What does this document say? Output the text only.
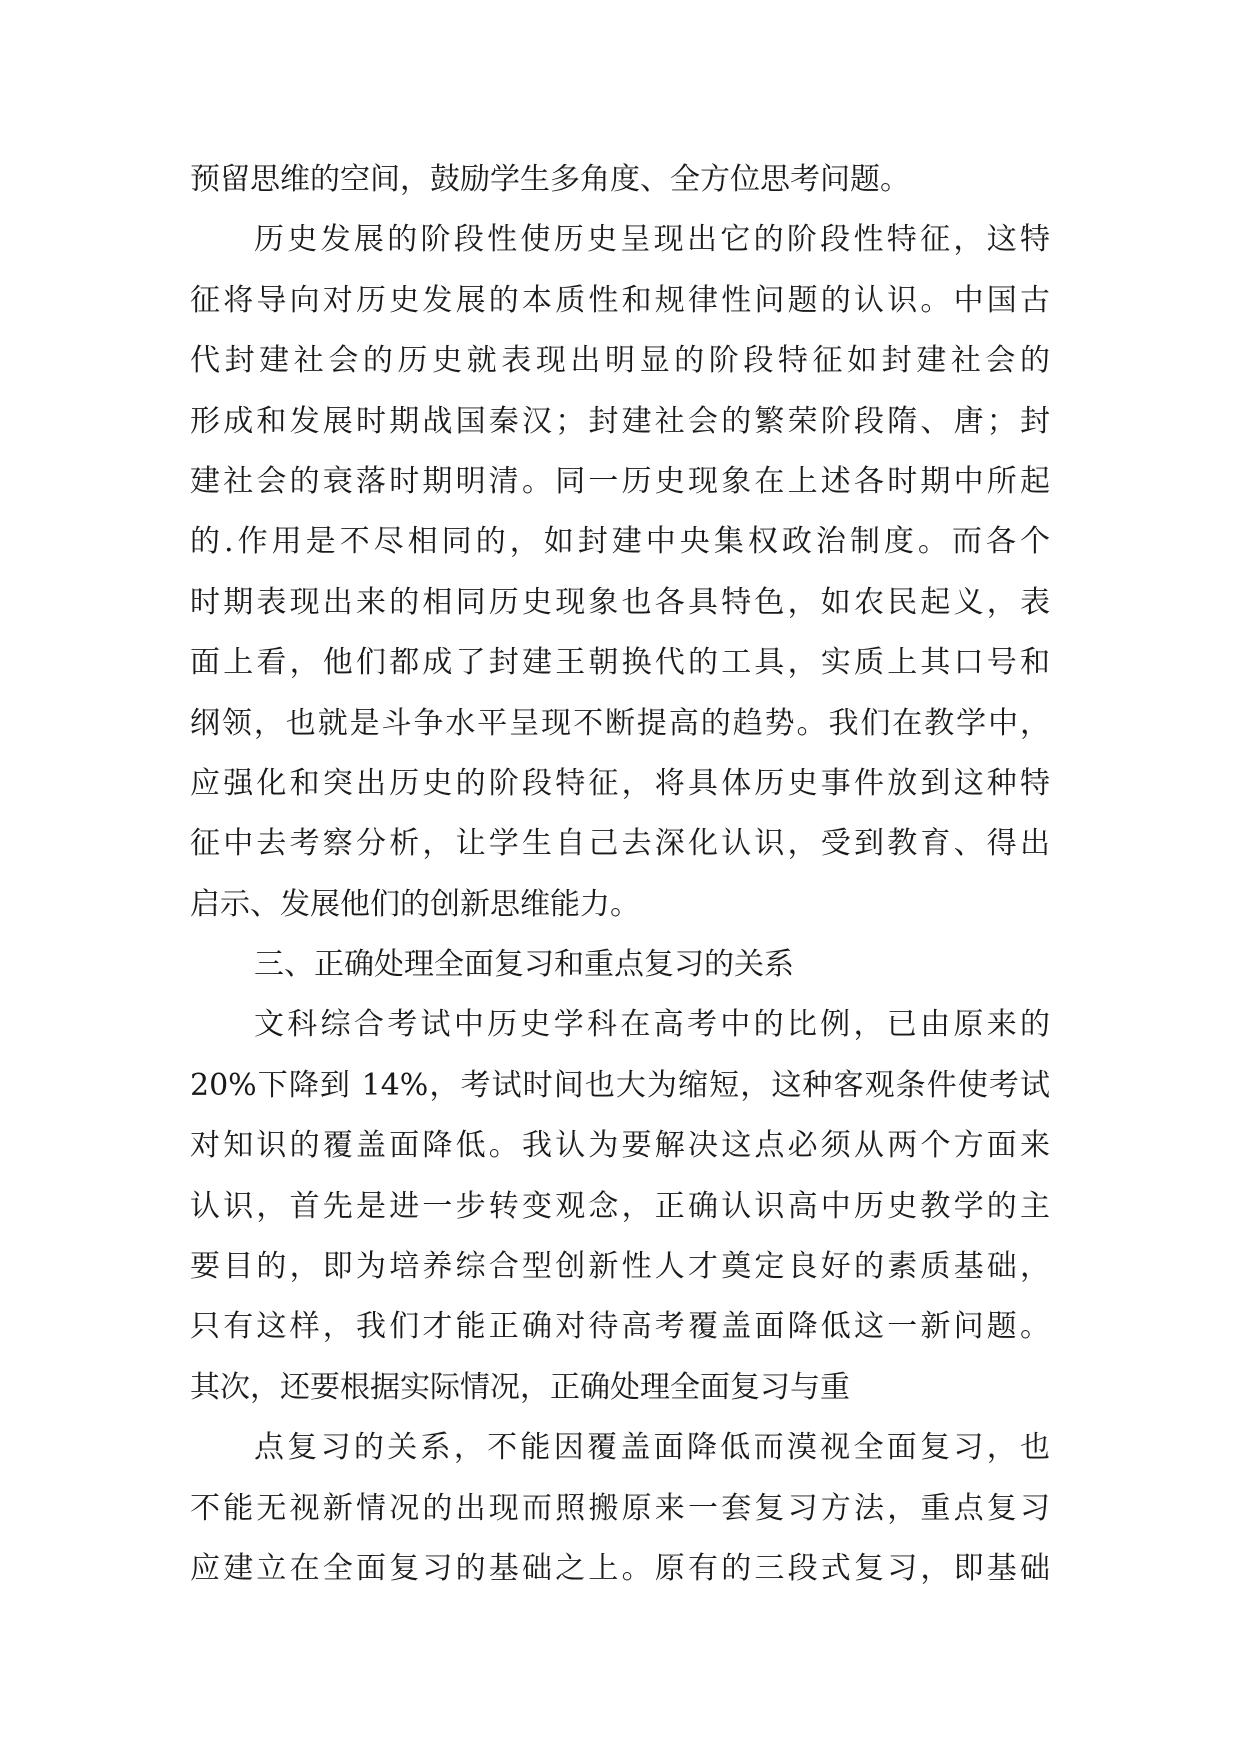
预留思维的空间，鼓励学生多角度、全方位思考问题。
历史发展的阶段性使历史呈现出它的阶段性特征，这特
征将导向对历史发展的本质性和规律性问题的认识。中国古
代封建社会的历史就表现出明显的阶段特征如封建社会的
形成和发展时期战国秦汉；封建社会的繁荣阶段隋、唐；封
建社会的衰落时期明清。同一历史现象在上述各时期中所起
的.作用是不尽相同的，如封建中央集权政治制度。而各个
时期表现出来的相同历史现象也各具特色，如农民起义，表
面上看，他们都成了封建王朝换代的工具，实质上其口号和
纲领，也就是斗争水平呈现不断提高的趋势。我们在教学中，
应强化和突出历史的阶段特征，将具体历史事件放到这种特
征中去考察分析，让学生自己去深化认识，受到教育、得出
启示、发展他们的创新思维能力。
三、正确处理全面复习和重点复习的关系
文科综合考试中历史学科在高考中的比例，已由原来的
20%下降到 14%，考试时间也大为缩短，这种客观条件使考试
对知识的覆盖面降低。我认为要解决这点必须从两个方面来
认识，首先是进一步转变观念，正确认识高中历史教学的主
要目的，即为培养综合型创新性人才奠定良好的素质基础，
只有这样，我们才能正确对待高考覆盖面降低这一新问题。
其次，还要根据实际情况，正确处理全面复习与重
点复习的关系，不能因覆盖面降低而漠视全面复习，也
不能无视新情况的出现而照搬原来一套复习方法，重点复习
应建立在全面复习的基础之上。原有的三段式复习，即基础
